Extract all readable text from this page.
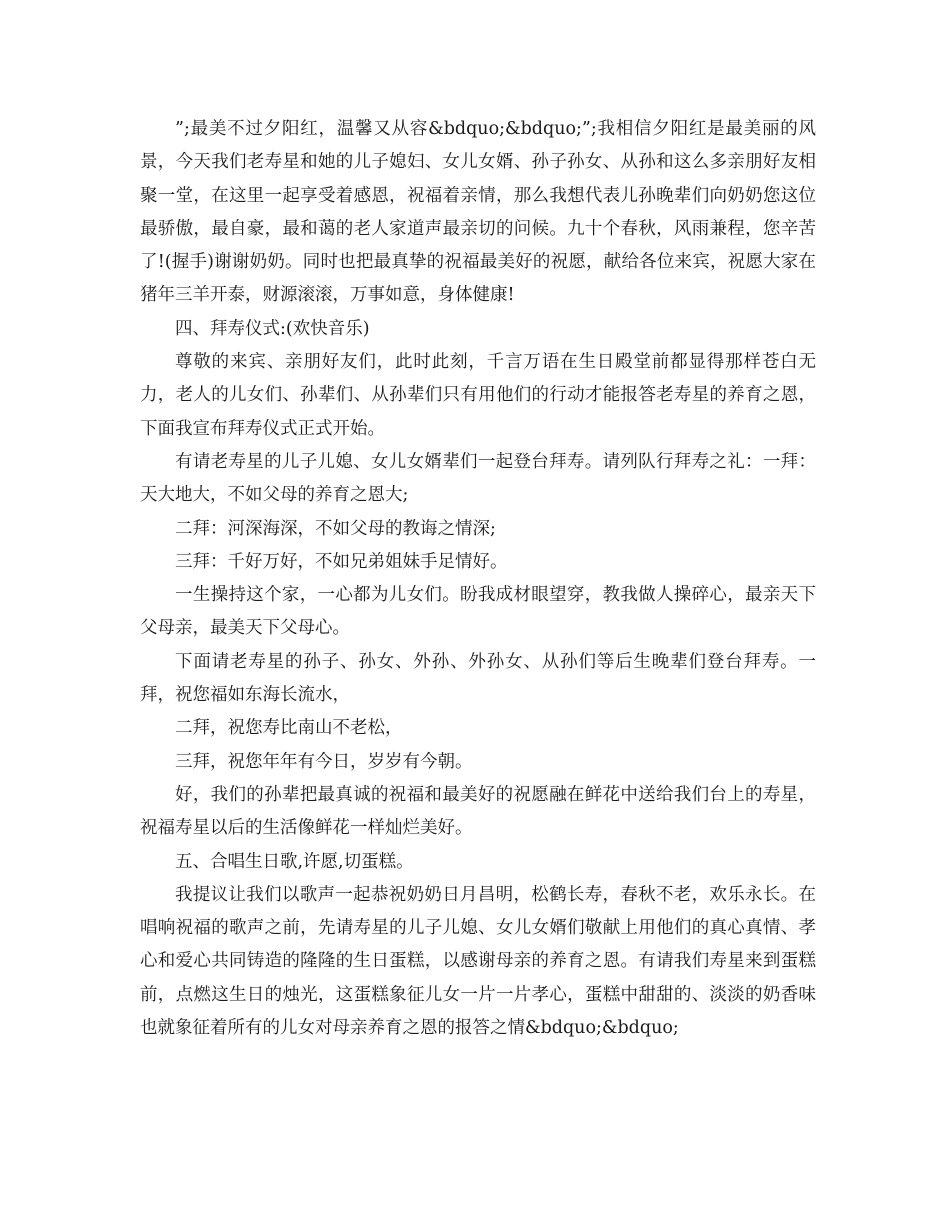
”;最美不过夕阳红，温馨又从容&bdquo;&bdquo;”;我相信夕阳红是最美丽的风景，今天我们老寿星和她的儿子媳妇、女儿女婿、孙子孙女、从孙和这么多亲朋好友相聚一堂，在这里一起享受着感恩，祝福着亲情，那么我想代表儿孙晚辈们向奶奶您这位最骄傲，最自豪，最和蔼的老人家道声最亲切的问候。九十个春秋，风雨兼程，您辛苦了!(握手)谢谢奶奶。同时也把最真挚的祝福最美好的祝愿，献给各位来宾，祝愿大家在猪年三羊开泰，财源滚滚，万事如意，身体健康!

四、拜寿仪式:(欢快音乐)

尊敬的来宾、亲朋好友们，此时此刻，千言万语在生日殿堂前都显得那样苍白无力，老人的儿女们、孙辈们、从孙辈们只有用他们的行动才能报答老寿星的养育之恩，下面我宣布拜寿仪式正式开始。

有请老寿星的儿子儿媳、女儿女婿辈们一起登台拜寿。请列队行拜寿之礼：一拜：天大地大，不如父母的养育之恩大;

二拜：河深海深，不如父母的教诲之情深;

三拜：千好万好，不如兄弟姐妹手足情好。

一生操持这个家，一心都为儿女们。盼我成材眼望穿，教我做人操碎心，最亲天下父母亲，最美天下父母心。

下面请老寿星的孙子、孙女、外孙、外孙女、从孙们等后生晚辈们登台拜寿。一拜，祝您福如东海长流水，

二拜，祝您寿比南山不老松，

三拜，祝您年年有今日，岁岁有今朝。

好，我们的孙辈把最真诚的祝福和最美好的祝愿融在鲜花中送给我们台上的寿星，祝福寿星以后的生活像鲜花一样灿烂美好。

五、合唱生日歌,许愿,切蛋糕。

我提议让我们以歌声一起恭祝奶奶日月昌明，松鹤长寿，春秋不老，欢乐永长。在唱响祝福的歌声之前，先请寿星的儿子儿媳、女儿女婿们敬献上用他们的真心真情、孝心和爱心共同铸造的隆隆的生日蛋糕，以感谢母亲的养育之恩。有请我们寿星来到蛋糕前，点燃这生日的烛光，这蛋糕象征儿女一片一片孝心，蛋糕中甜甜的、淡淡的奶香味也就象征着所有的儿女对母亲养育之恩的报答之情&bdquo;&bdquo;
